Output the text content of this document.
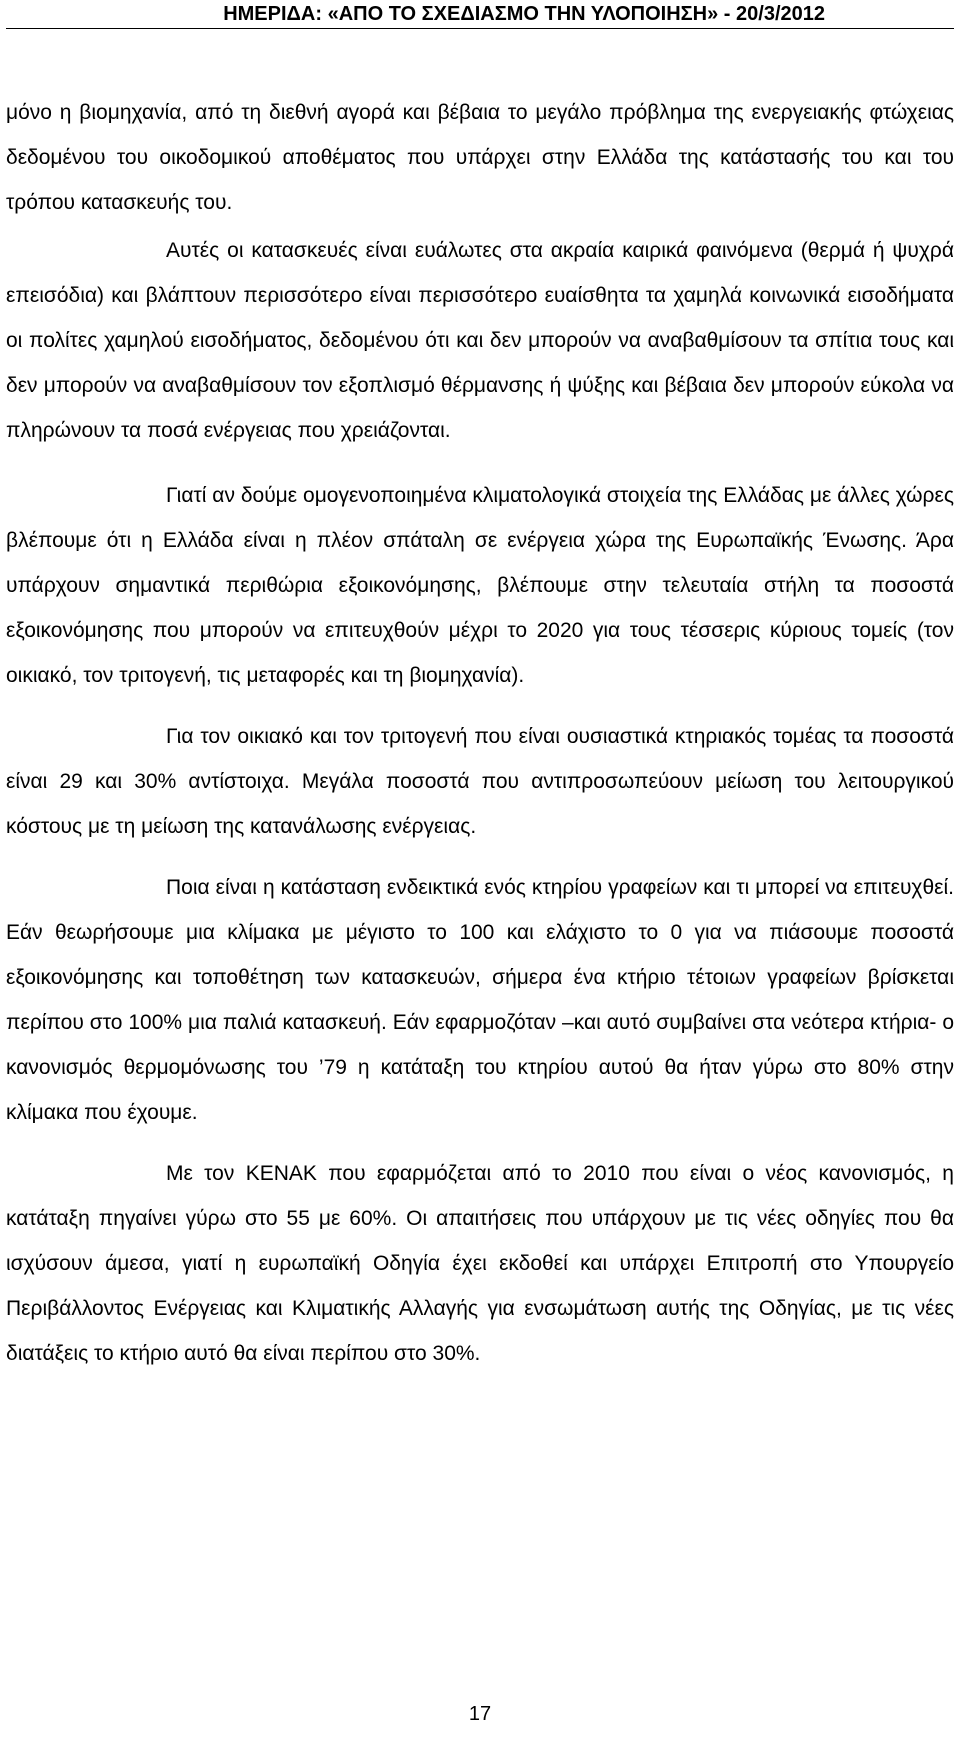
ΗΜΕΡΙΔΑ: «ΑΠΟ ΤΟ ΣΧΕΔΙΑΣΜΟ ΤΗΝ ΥΛΟΠΟΙΗΣΗ» - 20/3/2012

μόνο η βιομηχανία, από τη διεθνή αγορά και βέβαια το μεγάλο πρόβλημα της ενεργειακής φτώχειας δεδομένου του οικοδομικού αποθέματος που υπάρχει στην Ελλάδα της κατάστασής του και του τρόπου κατασκευής του.

Αυτές οι κατασκευές είναι ευάλωτες στα ακραία καιρικά φαινόμενα (θερμά ή ψυχρά επεισόδια) και βλάπτουν περισσότερο είναι περισσότερο ευαίσθητα τα χαμηλά κοινωνικά εισοδήματα οι πολίτες χαμηλού εισοδήματος, δεδομένου ότι και δεν μπορούν να αναβαθμίσουν τα σπίτια τους και δεν μπορούν να αναβαθμίσουν τον εξοπλισμό θέρμανσης ή ψύξης και βέβαια δεν μπορούν εύκολα να πληρώνουν τα ποσά ενέργειας που χρειάζονται.

Γιατί αν δούμε ομογενοποιημένα κλιματολογικά στοιχεία της Ελλάδας με άλλες χώρες βλέπουμε ότι η Ελλάδα είναι η πλέον σπάταλη σε ενέργεια χώρα της Ευρωπαϊκής Ένωσης. Άρα υπάρχουν σημαντικά περιθώρια εξοικονόμησης, βλέπουμε στην τελευταία στήλη τα ποσοστά εξοικονόμησης που μπορούν να επιτευχθούν μέχρι το 2020 για τους τέσσερις κύριους τομείς (τον οικιακό, τον τριτογενή, τις μεταφορές και τη βιομηχανία).

Για τον οικιακό και τον τριτογενή που είναι ουσιαστικά κτηριακός τομέας τα ποσοστά είναι 29 και 30% αντίστοιχα. Μεγάλα ποσοστά που αντιπροσωπεύουν μείωση του λειτουργικού κόστους με τη μείωση της κατανάλωσης ενέργειας.

Ποια είναι η κατάσταση ενδεικτικά ενός κτηρίου γραφείων και τι μπορεί να επιτευχθεί. Εάν θεωρήσουμε μια κλίμακα με μέγιστο το 100 και ελάχιστο το 0 για να πιάσουμε ποσοστά εξοικονόμησης και τοποθέτηση των κατασκευών, σήμερα ένα κτήριο τέτοιων γραφείων βρίσκεται περίπου στο 100% μια παλιά κατασκευή. Εάν εφαρμοζόταν –και αυτό συμβαίνει στα νεότερα κτήρια- ο κανονισμός θερμομόνωσης του ’79 η κατάταξη του κτηρίου αυτού θα ήταν γύρω στο 80% στην κλίμακα που έχουμε.

Με τον ΚΕΝΑΚ που εφαρμόζεται από το 2010 που είναι ο νέος κανονισμός, η κατάταξη πηγαίνει γύρω στο 55 με 60%. Οι απαιτήσεις που υπάρχουν με τις νέες οδηγίες που θα ισχύσουν άμεσα, γιατί η ευρωπαϊκή Οδηγία έχει εκδοθεί και υπάρχει Επιτροπή στο Υπουργείο Περιβάλλοντος Ενέργειας και Κλιματικής Αλλαγής για ενσωμάτωση αυτής της Οδηγίας, με τις νέες διατάξεις το κτήριο αυτό θα είναι περίπου στο 30%.

17
